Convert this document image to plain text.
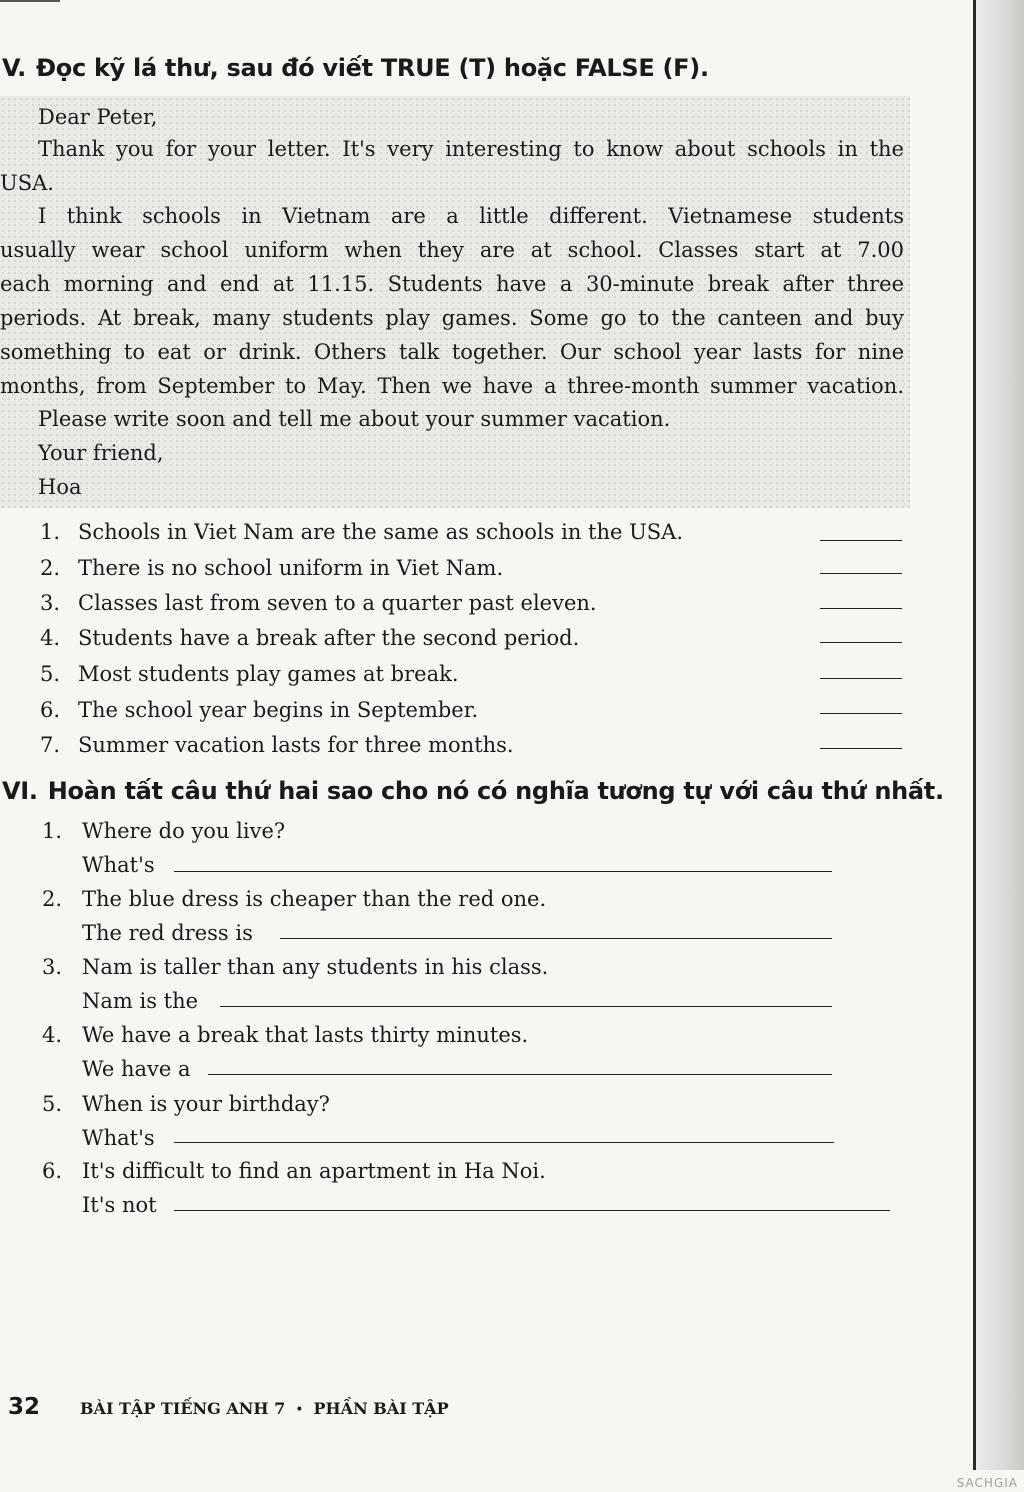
V. Đọc kỹ lá thư, sau đó viết TRUE (T) hoặc FALSE (F).
Dear Peter,
Thank you for your letter. It's very interesting to know about schools in the
USA.
I think schools in Vietnam are a little different. Vietnamese students
usually wear school uniform when they are at school. Classes start at 7.00
each morning and end at 11.15. Students have a 30-minute break after three
periods. At break, many students play games. Some go to the canteen and buy
something to eat or drink. Others talk together. Our school year lasts for nine
months, from September to May. Then we have a three-month summer vacation.
Please write soon and tell me about your summer vacation.
Your friend,
Hoa
1. Schools in Viet Nam are the same as schools in the USA.
2. There is no school uniform in Viet Nam.
3. Classes last from seven to a quarter past eleven.
4. Students have a break after the second period.
5. Most students play games at break.
6. The school year begins in September.
7. Summer vacation lasts for three months.
VI. Hoàn tất câu thứ hai sao cho nó có nghĩa tương tự với câu thứ nhất.
1. Where do you live?
What's
2. The blue dress is cheaper than the red one.
The red dress is
3. Nam is taller than any students in his class.
Nam is the
4. We have a break that lasts thirty minutes.
We have a
5. When is your birthday?
What's
6. It's difficult to find an apartment in Ha Noi.
It's not
32	BÀI TẬP TIẾNG ANH 7 • PHẦN BÀI TẬP
SACHGIA
